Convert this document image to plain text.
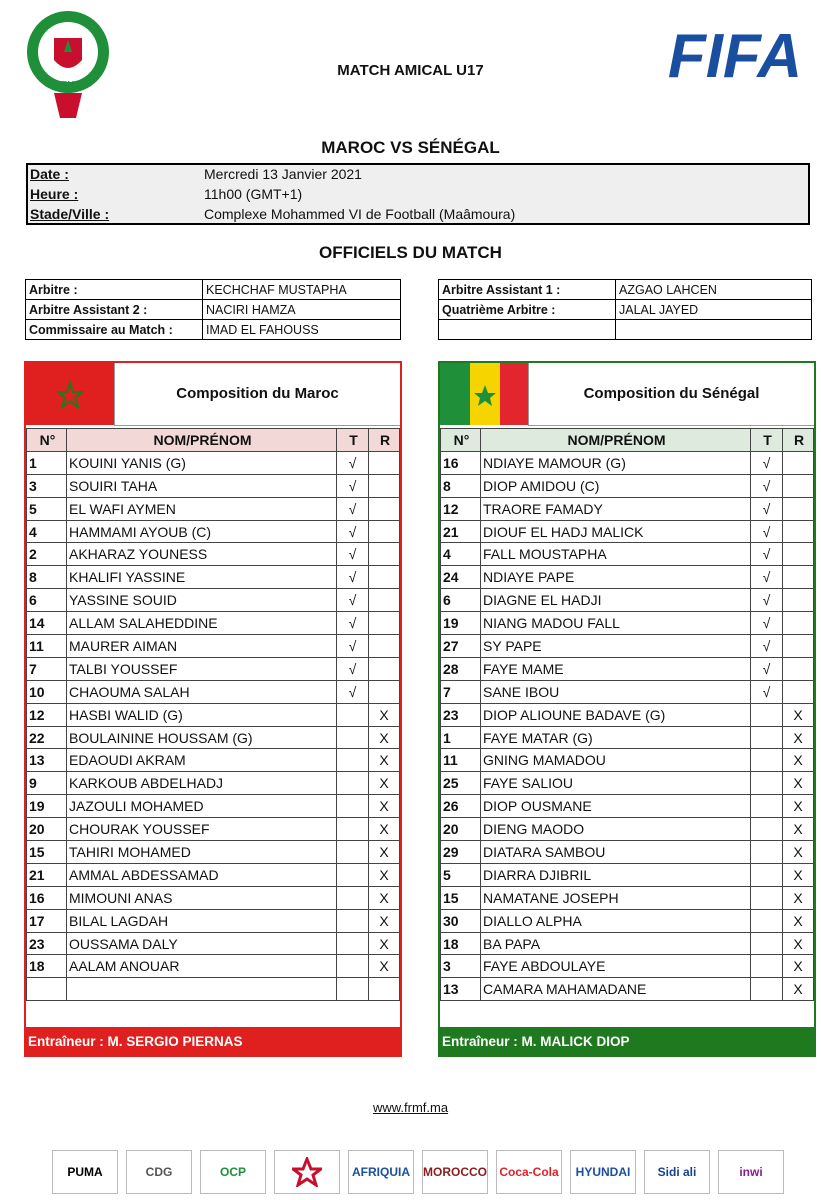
FRMF	FIFA
MATCH AMICAL U17
MAROC VS SÉNÉGAL
Date :	Mercredi 13 Janvier 2021
Heure :	11h00 (GMT+1)
Stade/Ville :	Complexe Mohammed VI de Football (Maâmoura)
OFFICIELS DU MATCH
Arbitre :	KECHCHAF MUSTAPHA
Arbitre Assistant 2 :	NACIRI HAMZA
Commissaire au Match :	IMAD EL FAHOUSS
Arbitre Assistant 1 :	AZGAO LAHCEN
Quatrième Arbitre :	JALAL JAYED

Composition du Maroc
N°	NOM/PRÉNOM	T	R
1	KOUINI YANIS (G)	√	
3	SOUIRI TAHA	√	
5	EL WAFI AYMEN	√	
4	HAMMAMI AYOUB (C)	√	
2	AKHARAZ YOUNESS	√	
8	KHALIFI YASSINE	√	
6	YASSINE SOUID	√	
14	ALLAM SALAHEDDINE	√	
11	MAURER AIMAN	√	
7	TALBI YOUSSEF	√	
10	CHAOUMA SALAH	√	
12	HASBI WALID (G)		X
22	BOULAININE HOUSSAM (G)		X
13	EDAOUDI AKRAM		X
9	KARKOUB ABDELHADJ		X
19	JAZOULI MOHAMED		X
20	CHOURAK YOUSSEF		X
15	TAHIRI MOHAMED		X
21	AMMAL ABDESSAMAD		X
16	MIMOUNI ANAS		X
17	BILAL LAGDAH		X
23	OUSSAMA DALY		X
18	AALAM ANOUAR		X

Entraîneur : M. SERGIO PIERNAS
Composition du Sénégal
N°	NOM/PRÉNOM	T	R
16	NDIAYE MAMOUR (G)	√	
8	DIOP AMIDOU (C)	√	
12	TRAORE FAMADY	√	
21	DIOUF EL HADJ MALICK	√	
4	FALL MOUSTAPHA	√	
24	NDIAYE PAPE	√	
6	DIAGNE EL HADJI	√	
19	NIANG MADOU FALL	√	
27	SY PAPE	√	
28	FAYE MAME	√	
7	SANE IBOU	√	
23	DIOP ALIOUNE BADAVE (G)		X
1	FAYE MATAR (G)		X
11	GNING MAMADOU		X
25	FAYE SALIOU		X
26	DIOP OUSMANE		X
20	DIENG MAODO		X
29	DIATARA SAMBOU		X
5	DIARRA DJIBRIL		X
15	NAMATANE JOSEPH		X
30	DIALLO ALPHA		X
18	BA PAPA		X
3	FAYE ABDOULAYE		X
13	CAMARA MAHAMADANE		X
Entraîneur : M. MALICK DIOP
www.frmf.ma
PUMA	CDG	OCP	AFRIQUIA	MOROCCO Coca-Cola	HYUNDAI	Sidi ali	inwi
